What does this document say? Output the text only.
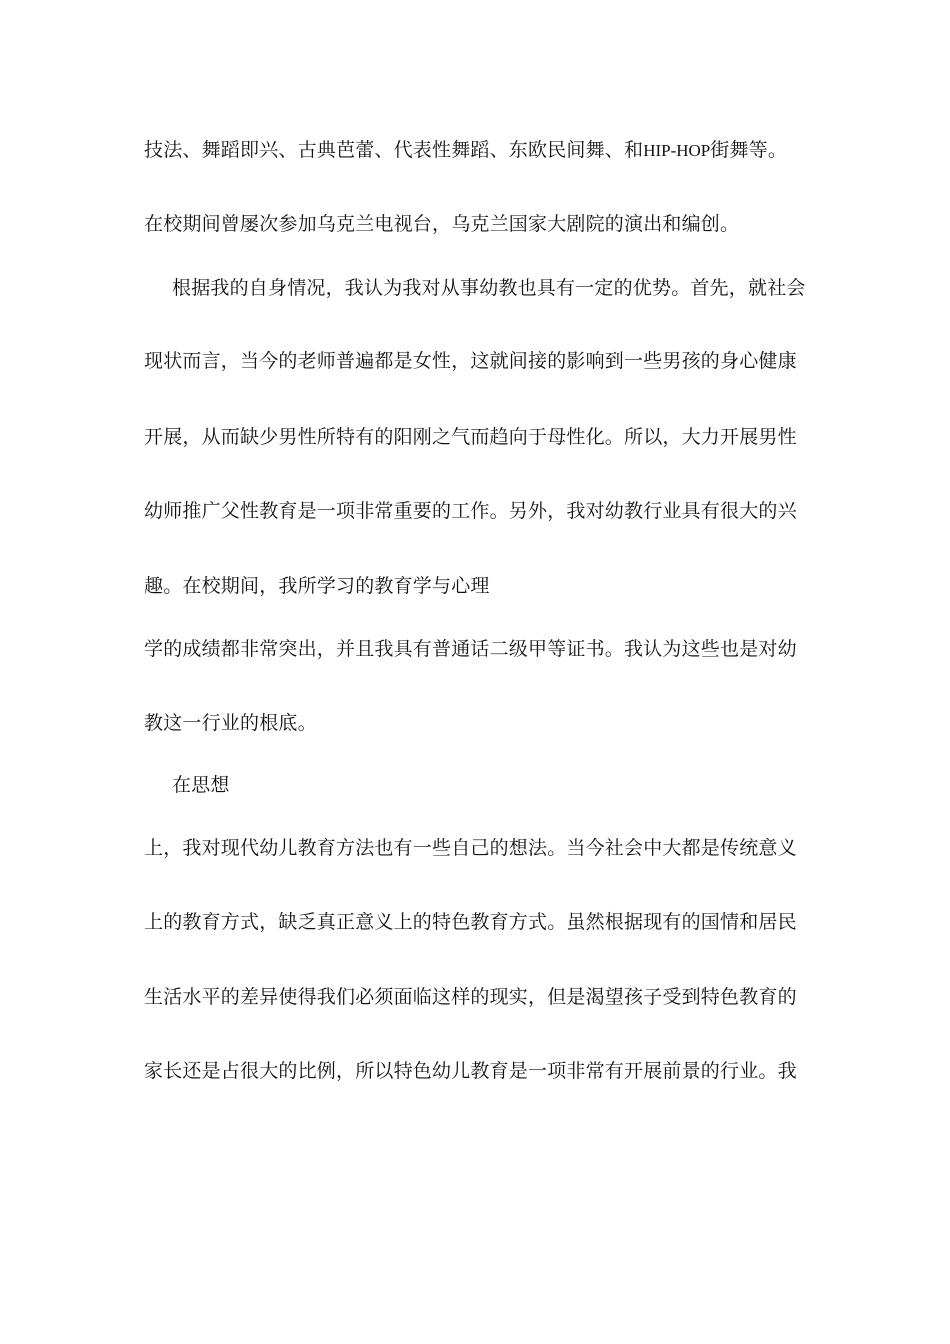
技法、舞蹈即兴、古典芭蕾、代表性舞蹈、东欧民间舞、和HIP-HOP街舞等。
在校期间曾屡次参加乌克兰电视台，乌克兰国家大剧院的演出和编创。
根据我的自身情况，我认为我对从事幼教也具有一定的优势。首先，就社会
现状而言，当今的老师普遍都是女性，这就间接的影响到一些男孩的身心健康
开展，从而缺少男性所特有的阳刚之气而趋向于母性化。所以，大力开展男性
幼师推广父性教育是一项非常重要的工作。另外，我对幼教行业具有很大的兴
趣。在校期间，我所学习的教育学与心理
学的成绩都非常突出，并且我具有普通话二级甲等证书。我认为这些也是对幼
教这一行业的根底。
在思想
上，我对现代幼儿教育方法也有一些自己的想法。当今社会中大都是传统意义
上的教育方式，缺乏真正意义上的特色教育方式。虽然根据现有的国情和居民
生活水平的差异使得我们必须面临这样的现实，但是渴望孩子受到特色教育的
家长还是占很大的比例，所以特色幼儿教育是一项非常有开展前景的行业。我
